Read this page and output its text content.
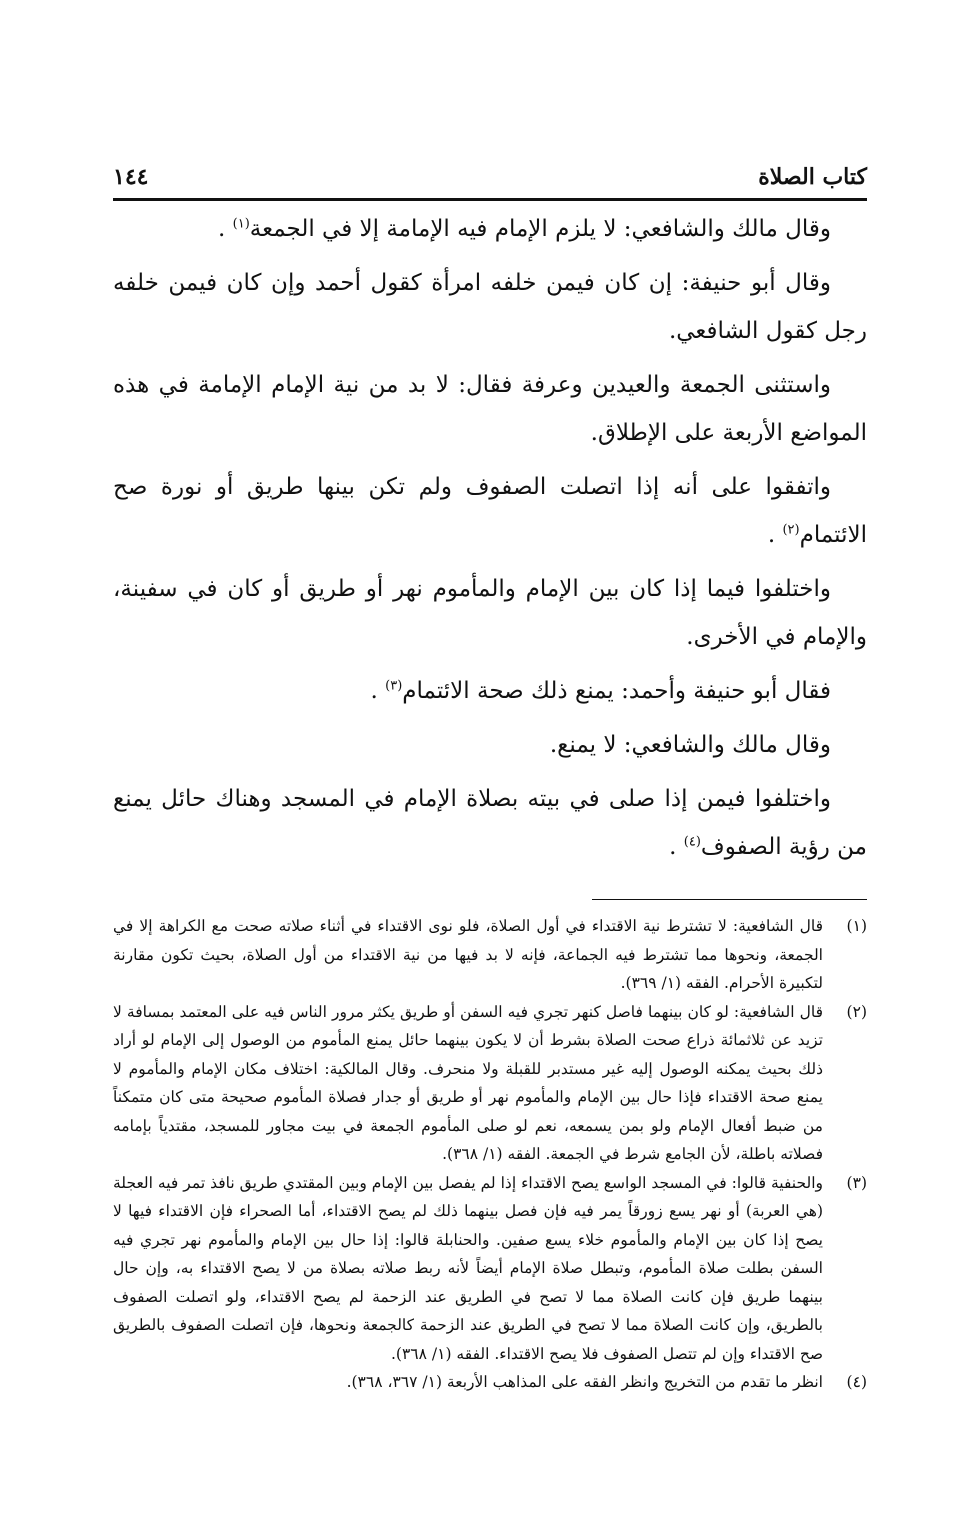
كتاب الصلاة
١٤٤

وقال مالك والشافعي: لا يلزم الإمام فيه الإمامة إلا في الجمعة$^{(١)}$ .

وقال أبو حنيفة: إن كان فيمن خلفه امرأة كقول أحمد وإن كان فيمن خلفه رجل كقول الشافعي.

واستثنى الجمعة والعيدين وعرفة فقال: لا بد من نية الإمام الإمامة في هذه المواضع الأربعة على الإطلاق.

واتفقوا على أنه إذا اتصلت الصفوف ولم تكن بينها طريق أو نورة صح الائتمام$^{(٢)}$ .

واختلفوا فيما إذا كان بين الإمام والمأموم نهر أو طريق أو كان في سفينة، والإمام في الأخرى.

فقال أبو حنيفة وأحمد: يمنع ذلك صحة الائتمام$^{(٣)}$ .

وقال مالك والشافعي: لا يمنع.

واختلفوا فيمن إذا صلى في بيته بصلاة الإمام في المسجد وهناك حائل يمنع من رؤية الصفوف$^{(٤)}$ .

(١)
قال الشافعية: لا تشترط نية الاقتداء في أول الصلاة، فلو نوى الاقتداء في أثناء صلاته صحت مع الكراهة إلا في الجمعة، ونحوها مما تشترط فيه الجماعة، فإنه لا بد فيها من نية الاقتداء من أول الصلاة، بحيث تكون مقارنة لتكبيرة الأحرام. الفقه (١/ ٣٦٩).
(٢)
قال الشافعية: لو كان بينهما فاصل كنهر تجري فيه السفن أو طريق يكثر مرور الناس فيه على المعتمد بمسافة لا تزيد عن ثلاثمائة ذراع صحت الصلاة بشرط أن لا يكون بينهما حائل يمنع المأموم من الوصول إلى الإمام لو أراد ذلك بحيث يمكنه الوصول إليه غير مستدبر للقبلة ولا منحرف. وقال المالكية: اختلاف مكان الإمام والمأموم لا يمنع صحة الاقتداء فإذا حال بين الإمام والمأموم نهر أو طريق أو جدار فصلاة المأموم صحيحة متى كان متمكناً من ضبط أفعال الإمام ولو بمن يسمعه، نعم لو صلى المأموم الجمعة في بيت مجاور للمسجد، مقتدياً بإمامه فصلاته باطلة، لأن الجامع شرط في الجمعة. الفقه (١/ ٣٦٨).
(٣)
والحنفية قالوا: في المسجد الواسع يصح الاقتداء إذا لم يفصل بين الإمام وبين المقتدي طريق نافذ تمر فيه العجلة (هي العربة) أو نهر يسع زورقاً يمر فيه فإن فصل بينهما ذلك لم يصح الاقتداء، أما الصحراء فإن الاقتداء فيها لا يصح إذا كان بين الإمام والمأموم خلاء يسع صفين. والحنابلة قالوا: إذا حال بين الإمام والمأموم نهر تجري فيه السفن بطلت صلاة المأموم، وتبطل صلاة الإمام أيضاً لأنه ربط صلاته بصلاة من لا يصح الاقتداء به، وإن حال بينهما طريق فإن كانت الصلاة مما لا تصح في الطريق عند الزحمة لم يصح الاقتداء، ولو اتصلت الصفوف بالطريق، وإن كانت الصلاة مما لا تصح في الطريق عند الزحمة كالجمعة ونحوها، فإن اتصلت الصفوف بالطريق صح الاقتداء وإن لم تتصل الصفوف فلا يصح الاقتداء. الفقه (١/ ٣٦٨).
(٤)
انظر ما تقدم من التخريج وانظر الفقه على المذاهب الأربعة (١/ ٣٦٧، ٣٦٨).
